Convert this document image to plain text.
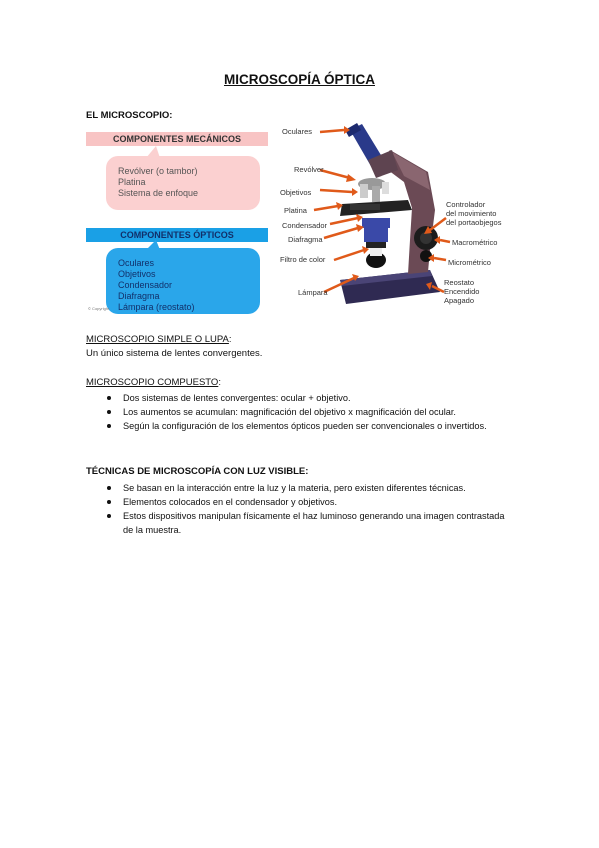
MICROSCOPÍA ÓPTICA
EL MICROSCOPIO:
COMPONENTES MECÁNICOS
Revólver (o tambor)
Platina
Sistema de enfoque
COMPONENTES ÓPTICOS
Oculares
Objetivos
Condensador
Diafragma
Lámpara (reostato)
© Copyright
Oculares
Revólver
Objetivos
Platina
Condensador
Diafragma
Filtro de color
Lámpara
Controlador
del movimiento
del portaobjegos
Macrométrico
Micrométrico
Reostato
Encendido
Apagado
MICROSCOPIO SIMPLE O LUPA:
Un único sistema de lentes convergentes.
MICROSCOPIO COMPUESTO:
Dos sistemas de lentes convergentes: ocular + objetivo.
Los aumentos se acumulan: magnificación del objetivo x magnificación del ocular.
Según la configuración de los elementos ópticos pueden ser convencionales o invertidos.
TÉCNICAS DE MICROSCOPÍA CON LUZ VISIBLE:
Se basan en la interacción entre la luz y la materia, pero existen diferentes técnicas.
Elementos colocados en el condensador y objetivos.
Estos dispositivos manipulan físicamente el haz luminoso generando una imagen contrastada de la muestra.
